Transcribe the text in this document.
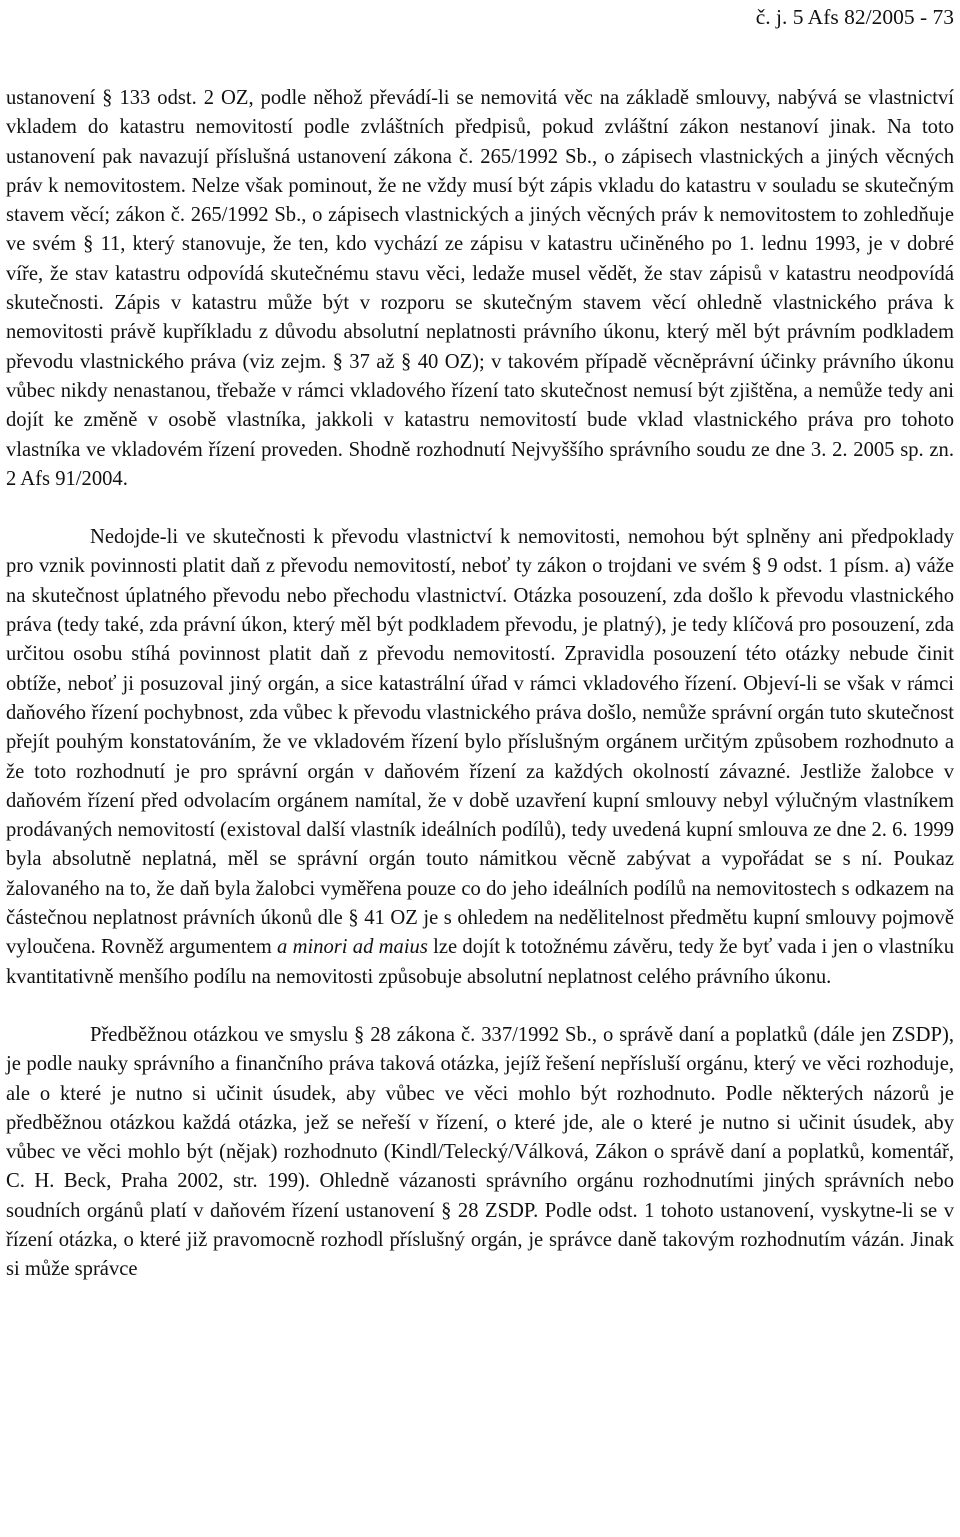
č. j. 5 Afs 82/2005 - 73

ustanovení § 133 odst. 2 OZ, podle něhož převádí-li se nemovitá věc na základě smlouvy, nabývá se vlastnictví vkladem do katastru nemovitostí podle zvláštních předpisů, pokud zvláštní zákon nestanoví jinak. Na toto ustanovení pak navazují příslušná ustanovení zákona č. 265/1992 Sb., o zápisech vlastnických a jiných věcných práv k nemovitostem. Nelze však pominout, že ne vždy musí být zápis vkladu do katastru v souladu se skutečným stavem věcí; zákon č. 265/1992 Sb., o zápisech vlastnických a jiných věcných práv k nemovitostem to zohledňuje ve svém § 11, který stanovuje, že ten, kdo vychází ze zápisu v katastru učiněného po 1. lednu 1993, je v dobré víře, že stav katastru odpovídá skutečnému stavu věci, ledaže musel vědět, že stav zápisů v katastru neodpovídá skutečnosti. Zápis v katastru může být v rozporu se skutečným stavem věcí ohledně vlastnického práva k nemovitosti právě kupříkladu z důvodu absolutní neplatnosti právního úkonu, který měl být právním podkladem převodu vlastnického práva (viz zejm. § 37 až § 40 OZ); v takovém případě věcněprávní účinky právního úkonu vůbec nikdy nenastanou, třebaže v rámci vkladového řízení tato skutečnost nemusí být zjištěna, a nemůže tedy ani dojít ke změně v osobě vlastníka, jakkoli v katastru nemovitostí bude vklad vlastnického práva pro tohoto vlastníka ve vkladovém řízení proveden. Shodně rozhodnutí Nejvyššího správního soudu ze dne 3. 2. 2005 sp. zn. 2 Afs 91/2004.

Nedojde-li ve skutečnosti k převodu vlastnictví k nemovitosti, nemohou být splněny ani předpoklady pro vznik povinnosti platit daň z převodu nemovitostí, neboť ty zákon o trojdani ve svém § 9 odst. 1 písm. a) váže na skutečnost úplatného převodu nebo přechodu vlastnictví. Otázka posouzení, zda došlo k převodu vlastnického práva (tedy také, zda právní úkon, který měl být podkladem převodu, je platný), je tedy klíčová pro posouzení, zda určitou osobu stíhá povinnost platit daň z převodu nemovitostí. Zpravidla posouzení této otázky nebude činit obtíže, neboť ji posuzoval jiný orgán, a sice katastrální úřad v rámci vkladového řízení. Objeví-li se však v rámci daňového řízení pochybnost, zda vůbec k převodu vlastnického práva došlo, nemůže správní orgán tuto skutečnost přejít pouhým konstatováním, že ve vkladovém řízení bylo příslušným orgánem určitým způsobem rozhodnuto a že toto rozhodnutí je pro správní orgán v daňovém řízení za každých okolností závazné. Jestliže žalobce v daňovém řízení před odvolacím orgánem namítal, že v době uzavření kupní smlouvy nebyl výlučným vlastníkem prodávaných nemovitostí (existoval další vlastník ideálních podílů), tedy uvedená kupní smlouva ze dne 2. 6. 1999 byla absolutně neplatná, měl se správní orgán touto námitkou věcně zabývat a vypořádat se s ní. Poukaz žalovaného na to, že daň byla žalobci vyměřena pouze co do jeho ideálních podílů na nemovitostech s odkazem na částečnou neplatnost právních úkonů dle § 41 OZ je s ohledem na nedělitelnost předmětu kupní smlouvy pojmově vyloučena. Rovněž argumentem a minori ad maius lze dojít k totožnému závěru, tedy že byť vada i jen o vlastníku kvantitativně menšího podílu na nemovitosti způsobuje absolutní neplatnost celého právního úkonu.

Předběžnou otázkou ve smyslu § 28 zákona č. 337/1992 Sb., o správě daní a poplatků (dále jen ZSDP), je podle nauky správního a finančního práva taková otázka, jejíž řešení nepřísluší orgánu, který ve věci rozhoduje, ale o které je nutno si učinit úsudek, aby vůbec ve věci mohlo být rozhodnuto. Podle některých názorů je předběžnou otázkou každá otázka, jež se neřeší v řízení, o které jde, ale o které je nutno si učinit úsudek, aby vůbec ve věci mohlo být (nějak) rozhodnuto (Kindl/Telecký/Válková, Zákon o správě daní a poplatků, komentář, C. H. Beck, Praha 2002, str. 199). Ohledně vázanosti správního orgánu rozhodnutími jiných správních nebo soudních orgánů platí v daňovém řízení ustanovení § 28 ZSDP. Podle odst. 1 tohoto ustanovení, vyskytne-li se v řízení otázka, o které již pravomocně rozhodl příslušný orgán, je správce daně takovým rozhodnutím vázán. Jinak si může správce
